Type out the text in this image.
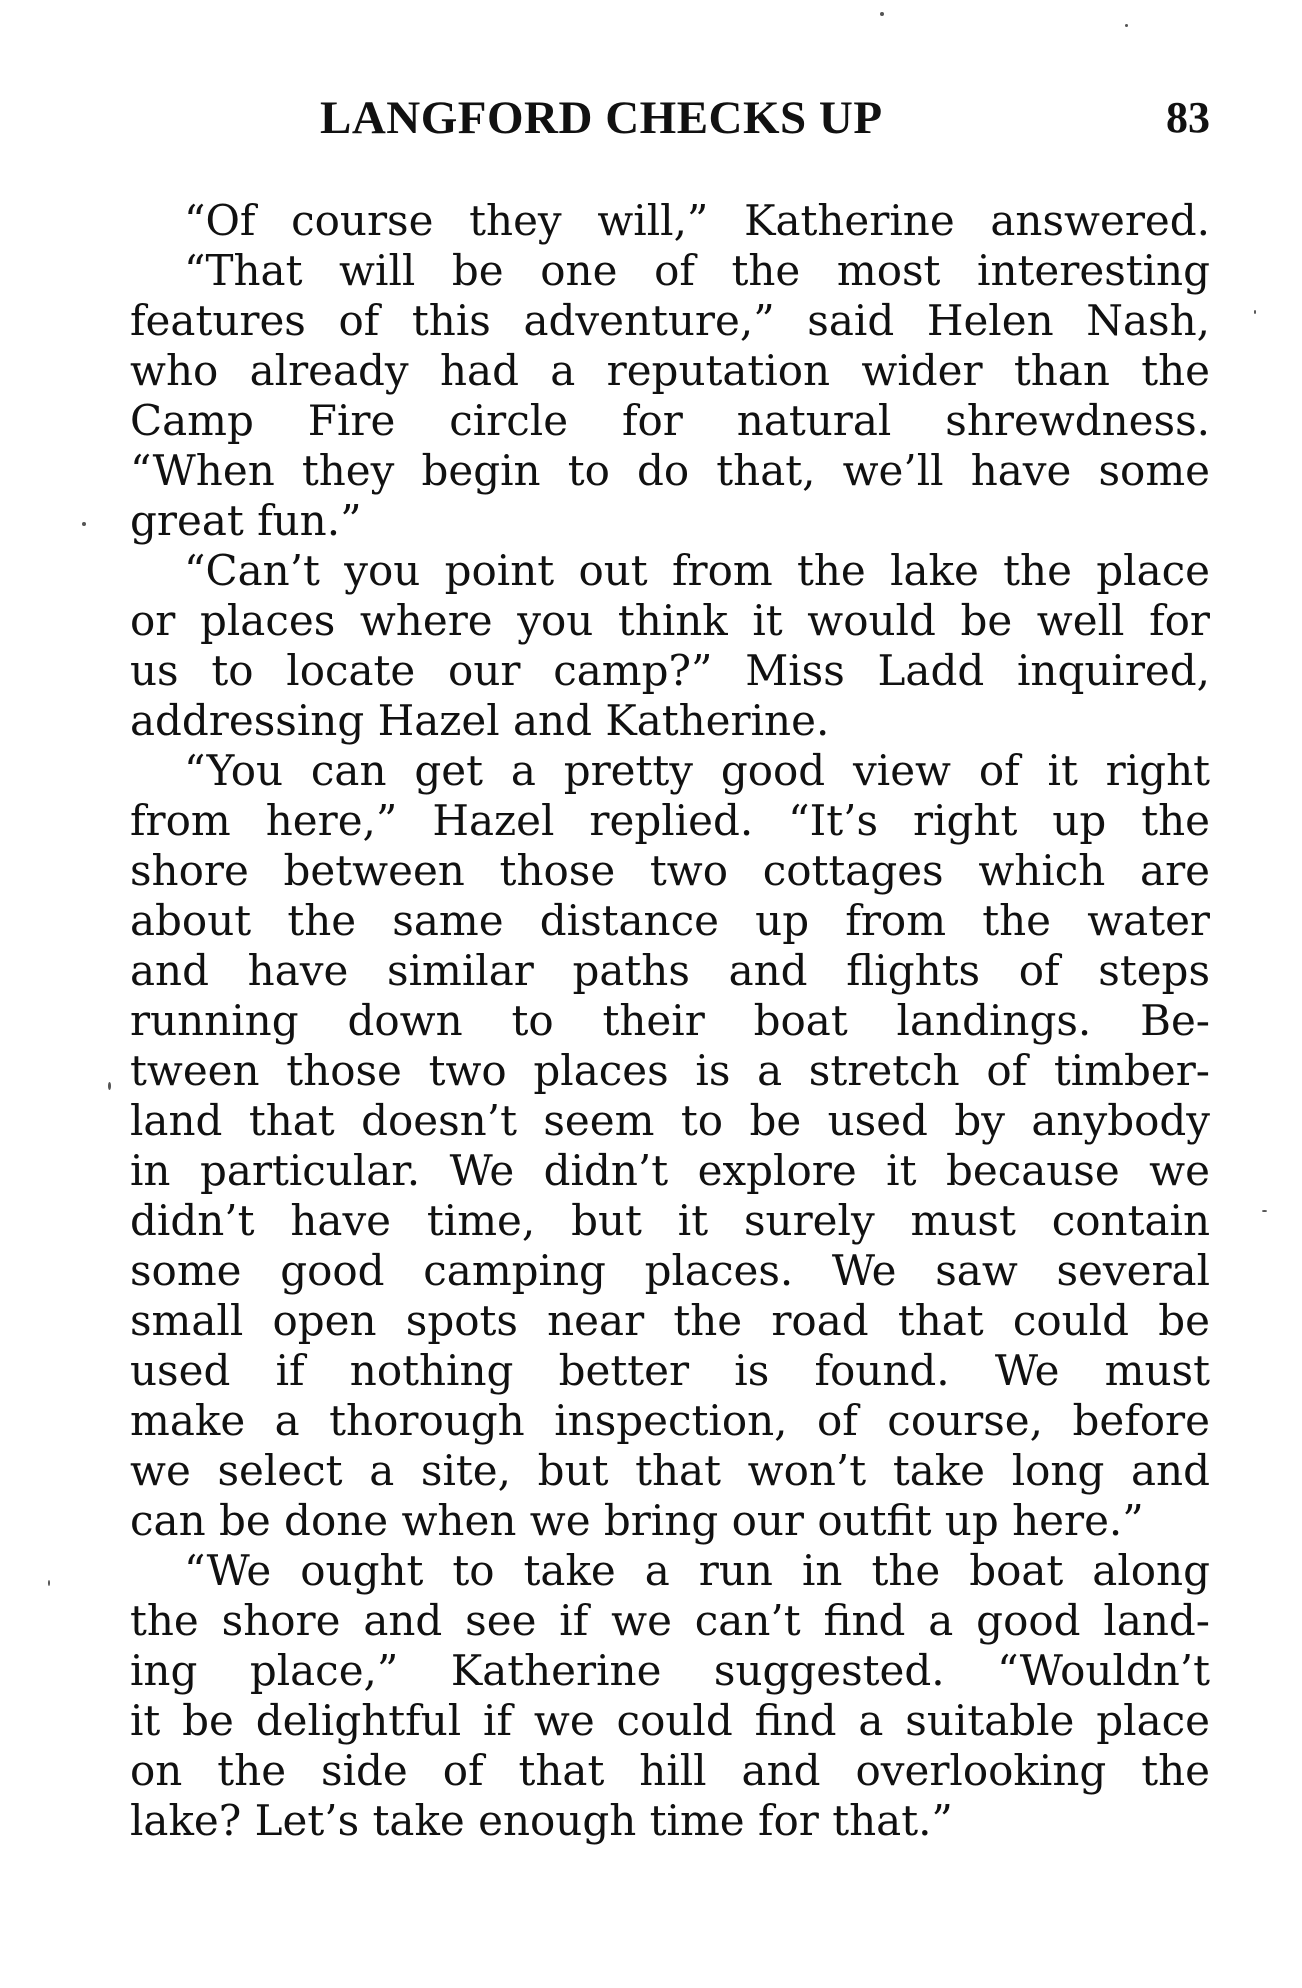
LANGFORD CHECKS UP	83
“Of course they will,” Katherine answered.
“That will be one of the most interesting
features of this adventure,” said Helen Nash,
who already had a reputation wider than the
Camp Fire circle for natural shrewdness.
“When they begin to do that, we’ll have some
great fun.”
“Can’t you point out from the lake the place
or places where you think it would be well for
us to locate our camp?” Miss Ladd inquired,
addressing Hazel and Katherine.
“You can get a pretty good view of it right
from here,” Hazel replied. “It’s right up the
shore between those two cottages which are
about the same distance up from the water
and have similar paths and flights of steps
running down to their boat landings. Be-
tween those two places is a stretch of timber-
land that doesn’t seem to be used by anybody
in particular. We didn’t explore it because we
didn’t have time, but it surely must contain
some good camping places. We saw several
small open spots near the road that could be
used if nothing better is found. We must
make a thorough inspection, of course, before
we select a site, but that won’t take long and
can be done when we bring our outfit up here.”
“We ought to take a run in the boat along
the shore and see if we can’t find a good land-
ing place,” Katherine suggested. “Wouldn’t
it be delightful if we could find a suitable place
on the side of that hill and overlooking the
lake? Let’s take enough time for that.”
